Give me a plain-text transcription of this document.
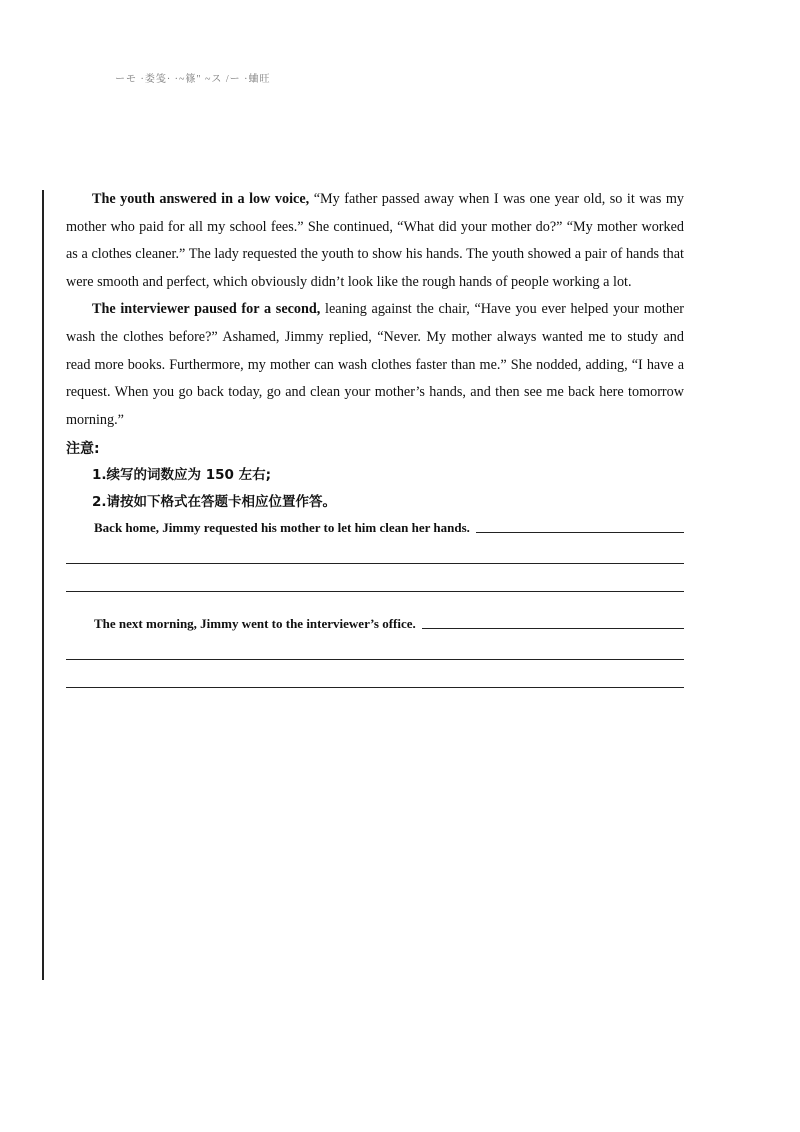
ーモ ·娄笺· ·~篠" ~ス /ー ·蛐旺

The youth answered in a low voice, “My father passed away when I was one year old, so it was my mother who paid for all my school fees.” She continued, “What did your mother do?” “My mother worked as a clothes cleaner.” The lady requested the youth to show his hands. The youth showed a pair of hands that were smooth and perfect, which obviously didn’t look like the rough hands of people working a lot.

The interviewer paused for a second, leaning against the chair, “Have you ever helped your mother wash the clothes before?” Ashamed, Jimmy replied, “Never. My mother always wanted me to study and read more books. Furthermore, my mother can wash clothes faster than me.” She nodded, adding, “I have a request. When you go back today, go and clean your mother’s hands, and then see me back here tomorrow morning.”

注意:
1.续写的词数应为 150 左右;
2.请按如下格式在答题卡相应位置作答。
Back home, Jimmy requested his mother to let him clean her hands.
The next morning, Jimmy went to the interviewer’s office.
